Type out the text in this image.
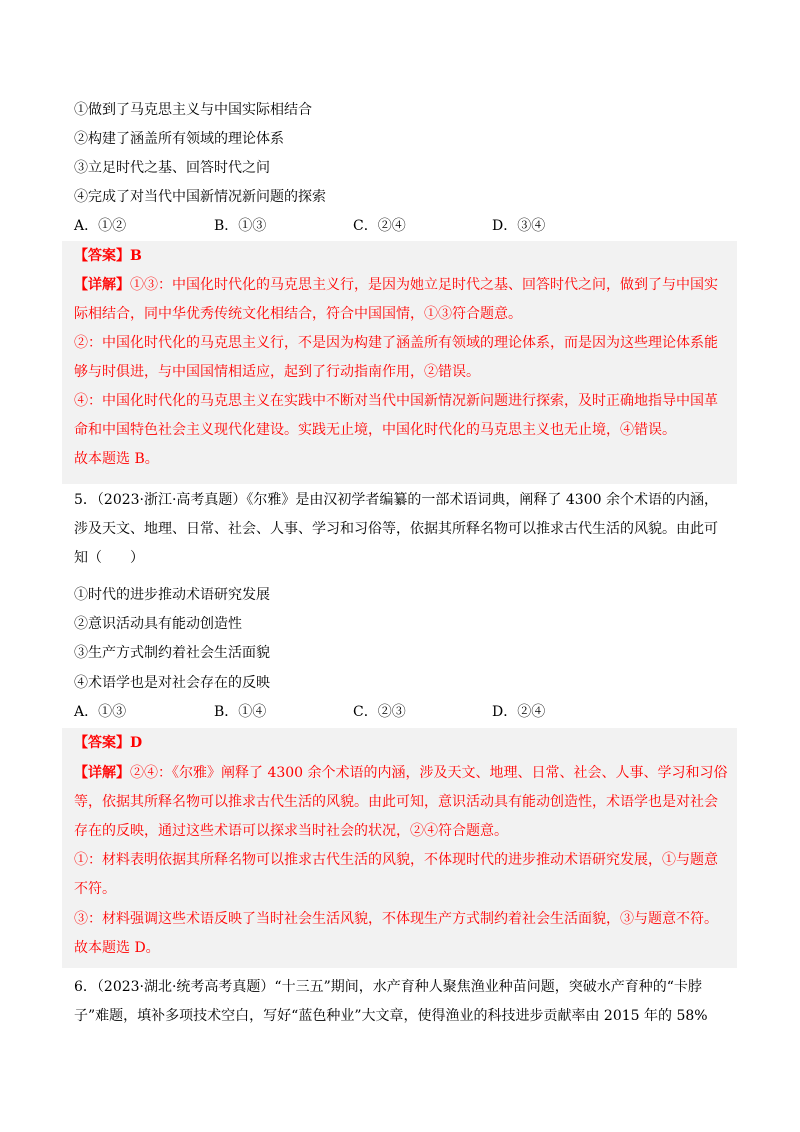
①做到了马克思主义与中国实际相结合
②构建了涵盖所有领域的理论体系
③立足时代之基、回答时代之问
④完成了对当代中国新情况新问题的探索
A．①②	B．①③	C．②④	D．③④
【答案】B
【详解】①③：中国化时代化的马克思主义行，是因为她立足时代之基、回答时代之问，做到了与中国实
际相结合，同中华优秀传统文化相结合，符合中国国情，①③符合题意。
②：中国化时代化的马克思主义行，不是因为构建了涵盖所有领域的理论体系，而是因为这些理论体系能
够与时俱进，与中国国情相适应，起到了行动指南作用，②错误。
④：中国化时代化的马克思主义在实践中不断对当代中国新情况新问题进行探索，及时正确地指导中国革
命和中国特色社会主义现代化建设。实践无止境，中国化时代化的马克思主义也无止境，④错误。
故本题选 B。
5．（2023·浙江·高考真题）《尔雅》是由汉初学者编纂的一部术语词典，阐释了 4300 余个术语的内涵，
涉及天文、地理、日常、社会、人事、学习和习俗等，依据其所释名物可以推求古代生活的风貌。由此可
知（　　）
①时代的进步推动术语研究发展
②意识活动具有能动创造性
③生产方式制约着社会生活面貌
④术语学也是对社会存在的反映
A．①③	B．①④	C．②③	D．②④
【答案】D
【详解】②④：《尔雅》阐释了 4300 余个术语的内涵，涉及天文、地理、日常、社会、人事、学习和习俗
等，依据其所释名物可以推求古代生活的风貌。由此可知，意识活动具有能动创造性，术语学也是对社会
存在的反映，通过这些术语可以探求当时社会的状况，②④符合题意。
①：材料表明依据其所释名物可以推求古代生活的风貌，不体现时代的进步推动术语研究发展，①与题意
不符。
③：材料强调这些术语反映了当时社会生活风貌，不体现生产方式制约着社会生活面貌，③与题意不符。
故本题选 D。
6．（2023·湖北·统考高考真题）“十三五”期间，水产育种人聚焦渔业种苗问题，突破水产育种的“卡脖
子”难题，填补多项技术空白，写好“蓝色种业”大文章，使得渔业的科技进步贡献率由 2015 年的 58%
